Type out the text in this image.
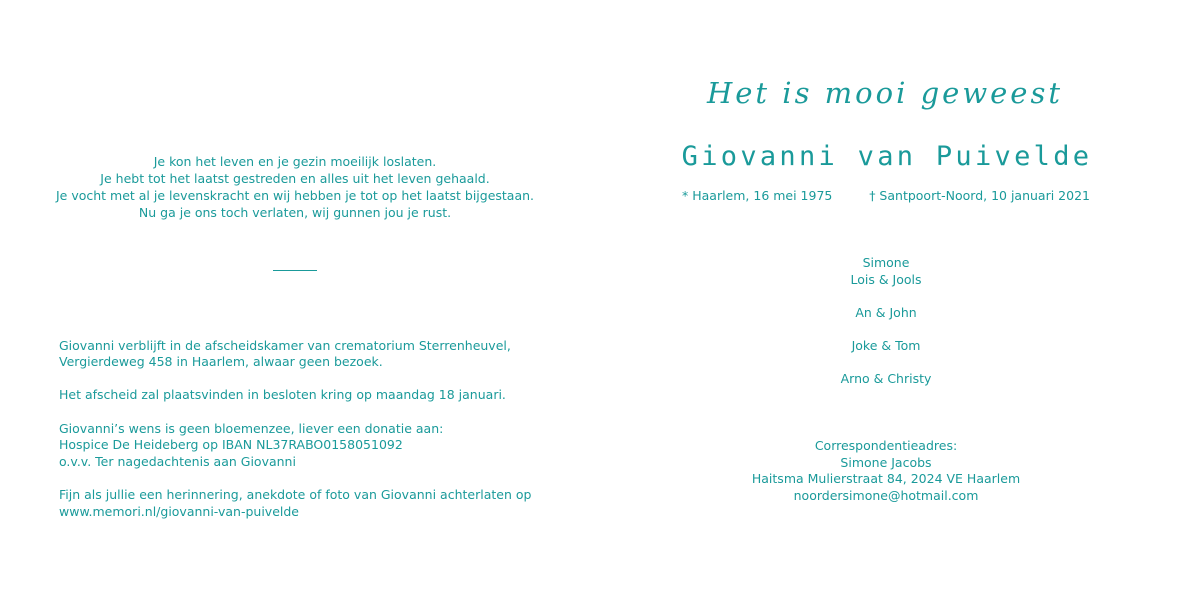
Je kon het leven en je gezin moeilijk loslaten.
Je hebt tot het laatst gestreden en alles uit het leven gehaald.
Je vocht met al je levenskracht en wij hebben je tot op het laatst bijgestaan.
Nu ga je ons toch verlaten, wij gunnen jou je rust.

Giovanni verblijft in de afscheidskamer van crematorium Sterrenheuvel,
Vergierdeweg 458 in Haarlem, alwaar geen bezoek.

Het afscheid zal plaatsvinden in besloten kring op maandag 18 januari.

Giovanni’s wens is geen bloemenzee, liever een donatie aan:
Hospice De Heideberg op IBAN NL37RABO0158051092
o.v.v. Ter nagedachtenis aan Giovanni

Fijn als jullie een herinnering, anekdote of foto van Giovanni achterlaten op
www.memori.nl/giovanni-van-puivelde

Het is mooi geweest
Giovanni van Puivelde
* Haarlem, 16 mei 1975	† Santpoort-Noord, 10 januari 2021
Simone
Lois & Jools
An & John
Joke & Tom
Arno & Christy
Correspondentieadres:
Simone Jacobs
Haitsma Mulierstraat 84, 2024 VE Haarlem
noordersimone@hotmail.com
